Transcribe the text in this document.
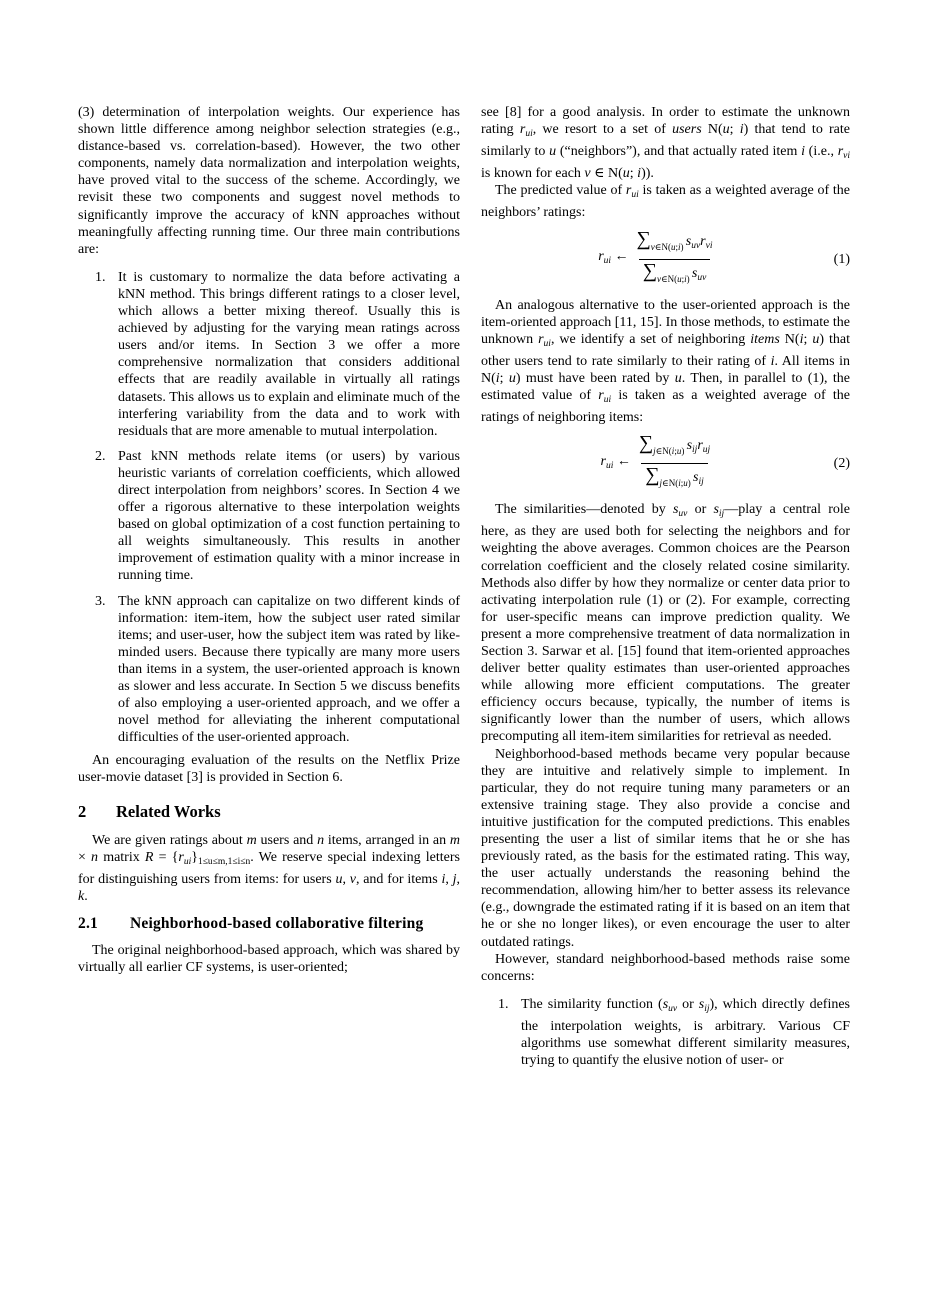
(3) determination of interpolation weights. Our experience has shown little difference among neighbor selection strategies (e.g., distance-based vs. correlation-based). However, the two other components, namely data normalization and interpolation weights, have proved vital to the success of the scheme. Accordingly, we revisit these two components and suggest novel methods to significantly improve the accuracy of kNN approaches without meaningfully affecting running time. Our three main contributions are:

1. It is customary to normalize the data before activating a kNN method. This brings different ratings to a closer level, which allows a better mixing thereof. Usually this is achieved by adjusting for the varying mean ratings across users and/or items. In Section 3 we offer a more comprehensive normalization that considers additional effects that are readily available in virtually all ratings datasets. This allows us to explain and eliminate much of the interfering variability from the data and to work with residuals that are more amenable to mutual interpolation.
2. Past kNN methods relate items (or users) by various heuristic variants of correlation coefficients, which allowed direct interpolation from neighbors’ scores. In Section 4 we offer a rigorous alternative to these interpolation weights based on global optimization of a cost function pertaining to all weights simultaneously. This results in another improvement of estimation quality with a minor increase in running time.
3. The kNN approach can capitalize on two different kinds of information: item-item, how the subject user rated similar items; and user-user, how the subject item was rated by like-minded users. Because there typically are many more users than items in a system, the user-oriented approach is known as slower and less accurate. In Section 5 we discuss benefits of also employing a user-oriented approach, and we offer a novel method for alleviating the inherent computational difficulties of the user-oriented approach.

An encouraging evaluation of the results on the Netflix Prize user-movie dataset [3] is provided in Section 6.

2	Related Works

We are given ratings about m users and n items, arranged in an m × n matrix $R = \{r_{ui}\}_{1\le u\le m,1\le i\le n}$. We reserve special indexing letters for distinguishing users from items: for users u, v, and for items i, j, k.

2.1	Neighborhood-based collaborative filtering

The original neighborhood-based approach, which was shared by virtually all earlier CF systems, is user-oriented;

see [8] for a good analysis. In order to estimate the unknown rating $r_{ui}$, we resort to a set of users N(u; i) that tend to rate similarly to u (“neighbors”), and that actually rated item i (i.e., $r_{vi}$ is known for each v ∈ N(u; i)).

The predicted value of $r_{ui}$ is taken as a weighted average of the neighbors’ ratings:

$r_{ui}$ ← $\frac{\sum_{v\in N(u;i)} s_{uv}r_{vi}}{\sum_{v\in N(u;i)} s_{uv}}$	(1)

An analogous alternative to the user-oriented approach is the item-oriented approach [11, 15]. In those methods, to estimate the unknown $r_{ui}$, we identify a set of neighboring items N(i; u) that other users tend to rate similarly to their rating of i. All items in N(i; u) must have been rated by u. Then, in parallel to (1), the estimated value of $r_{ui}$ is taken as a weighted average of the ratings of neighboring items:

$r_{ui}$ ← $\frac{\sum_{j\in N(i;u)} s_{ij}r_{uj}}{\sum_{j\in N(i;u)} s_{ij}}$	(2)

The similarities—denoted by $s_{uv}$ or $s_{ij}—play$ a central role here, as they are used both for selecting the neighbors and for weighting the above averages. Common choices are the Pearson correlation coefficient and the closely related cosine similarity. Methods also differ by how they normalize or center data prior to activating interpolation rule (1) or (2). For example, correcting for user-specific means can improve prediction quality. We present a more comprehensive treatment of data normalization in Section 3. Sarwar et al. [15] found that item-oriented approaches deliver better quality estimates than user-oriented approaches while allowing more efficient computations. The greater efficiency occurs because, typically, the number of items is significantly lower than the number of users, which allows precomputing all item-item similarities for retrieval as needed.

Neighborhood-based methods became very popular because they are intuitive and relatively simple to implement. In particular, they do not require tuning many parameters or an extensive training stage. They also provide a concise and intuitive justification for the computed predictions. This enables presenting the user a list of similar items that he or she has previously rated, as the basis for the estimated rating. This way, the user actually understands the reasoning behind the recommendation, allowing him/her to better assess its relevance (e.g., downgrade the estimated rating if it is based on an item that he or she no longer likes), or even encourage the user to alter outdated ratings.

However, standard neighborhood-based methods raise some concerns:

1. The similarity function ($s_{uv}$ or $s_{ij}$), which directly defines the interpolation weights, is arbitrary. Various CF algorithms use somewhat different similarity measures, trying to quantify the elusive notion of user- or
